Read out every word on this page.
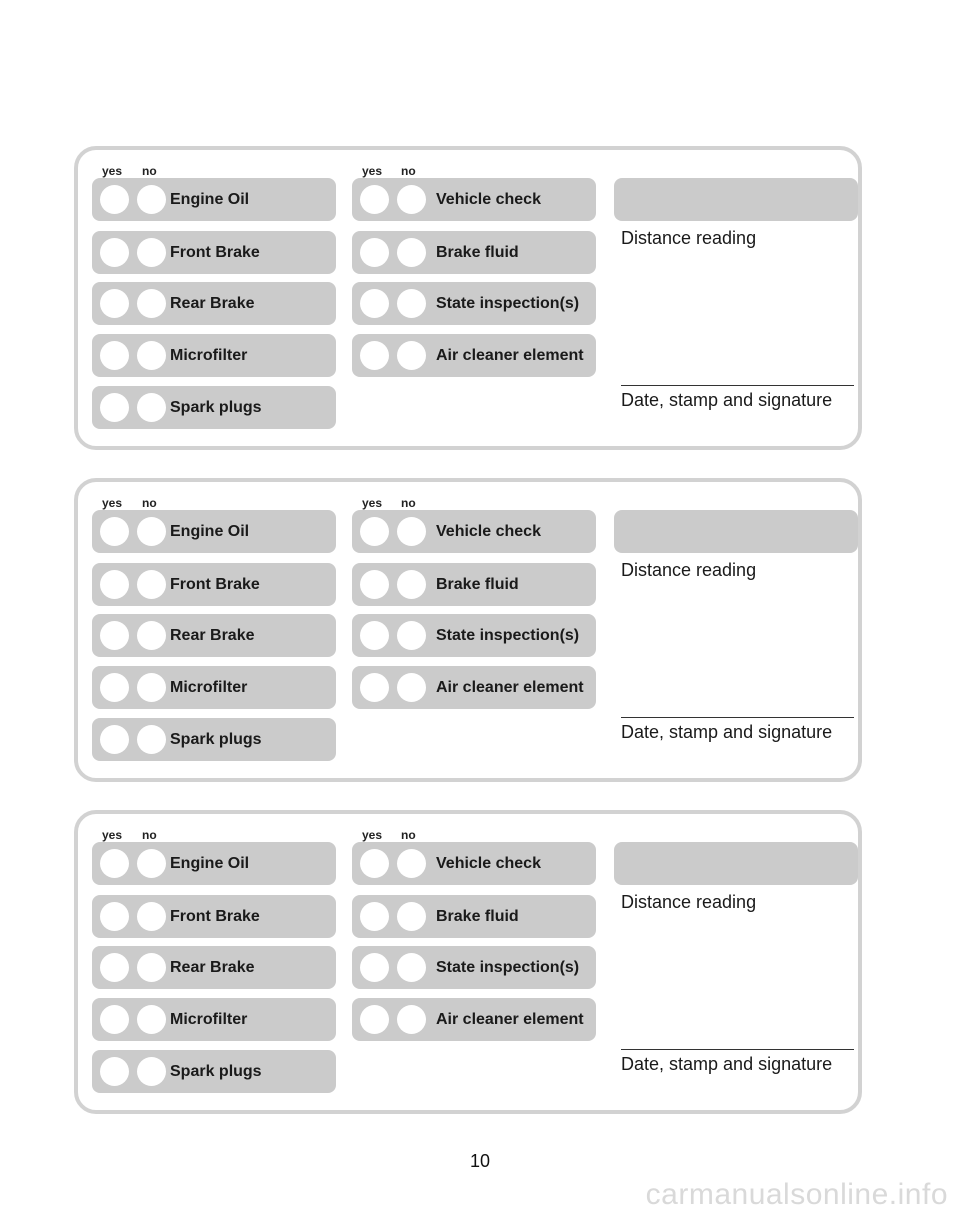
yes no	yes no
Engine Oil
Front Brake
Rear Brake
Microfilter
Spark plugs
Vehicle check
Brake fluid
State inspection(s)
Air cleaner element
Distance reading
Date, stamp and signature
yes no	yes no
Engine Oil
Front Brake
Rear Brake
Microfilter
Spark plugs
Vehicle check
Brake fluid
State inspection(s)
Air cleaner element
Distance reading
Date, stamp and signature
yes no	yes no
Engine Oil
Front Brake
Rear Brake
Microfilter
Spark plugs
Vehicle check
Brake fluid
State inspection(s)
Air cleaner element
Distance reading
Date, stamp and signature
10
carmanualsonline.info
